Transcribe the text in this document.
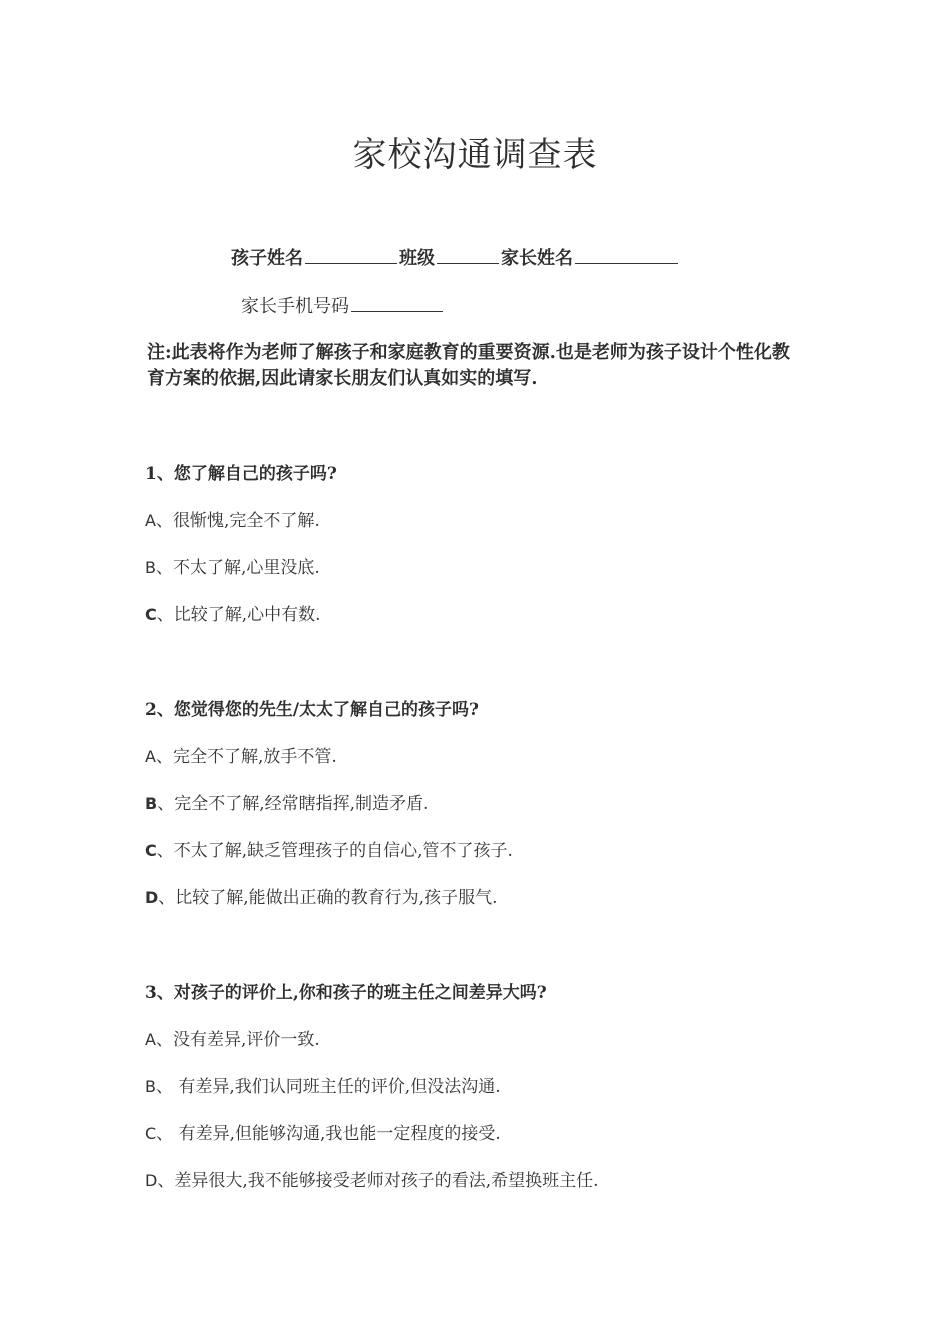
家校沟通调查表
孩子姓名	班级	家长姓名
家长手机号码
注:此表将作为老师了解孩子和家庭教育的重要资源.也是老师为孩子设计个性化教育方案的依据,因此请家长朋友们认真如实的填写.
1、您了解自己的孩子吗?
A、很惭愧,完全不了解.
B、不太了解,心里没底.
C、比较了解,心中有数.
2、您觉得您的先生/太太了解自己的孩子吗?
A、完全不了解,放手不管.
B、完全不了解,经常瞎指挥,制造矛盾.
C、不太了解,缺乏管理孩子的自信心,管不了孩子.
D、比较了解,能做出正确的教育行为,孩子服气.
3、对孩子的评价上,你和孩子的班主任之间差异大吗?
A、没有差异,评价一致.
B、 有差异,我们认同班主任的评价,但没法沟通.
C、 有差异,但能够沟通,我也能一定程度的接受.
D、差异很大,我不能够接受老师对孩子的看法,希望换班主任.
